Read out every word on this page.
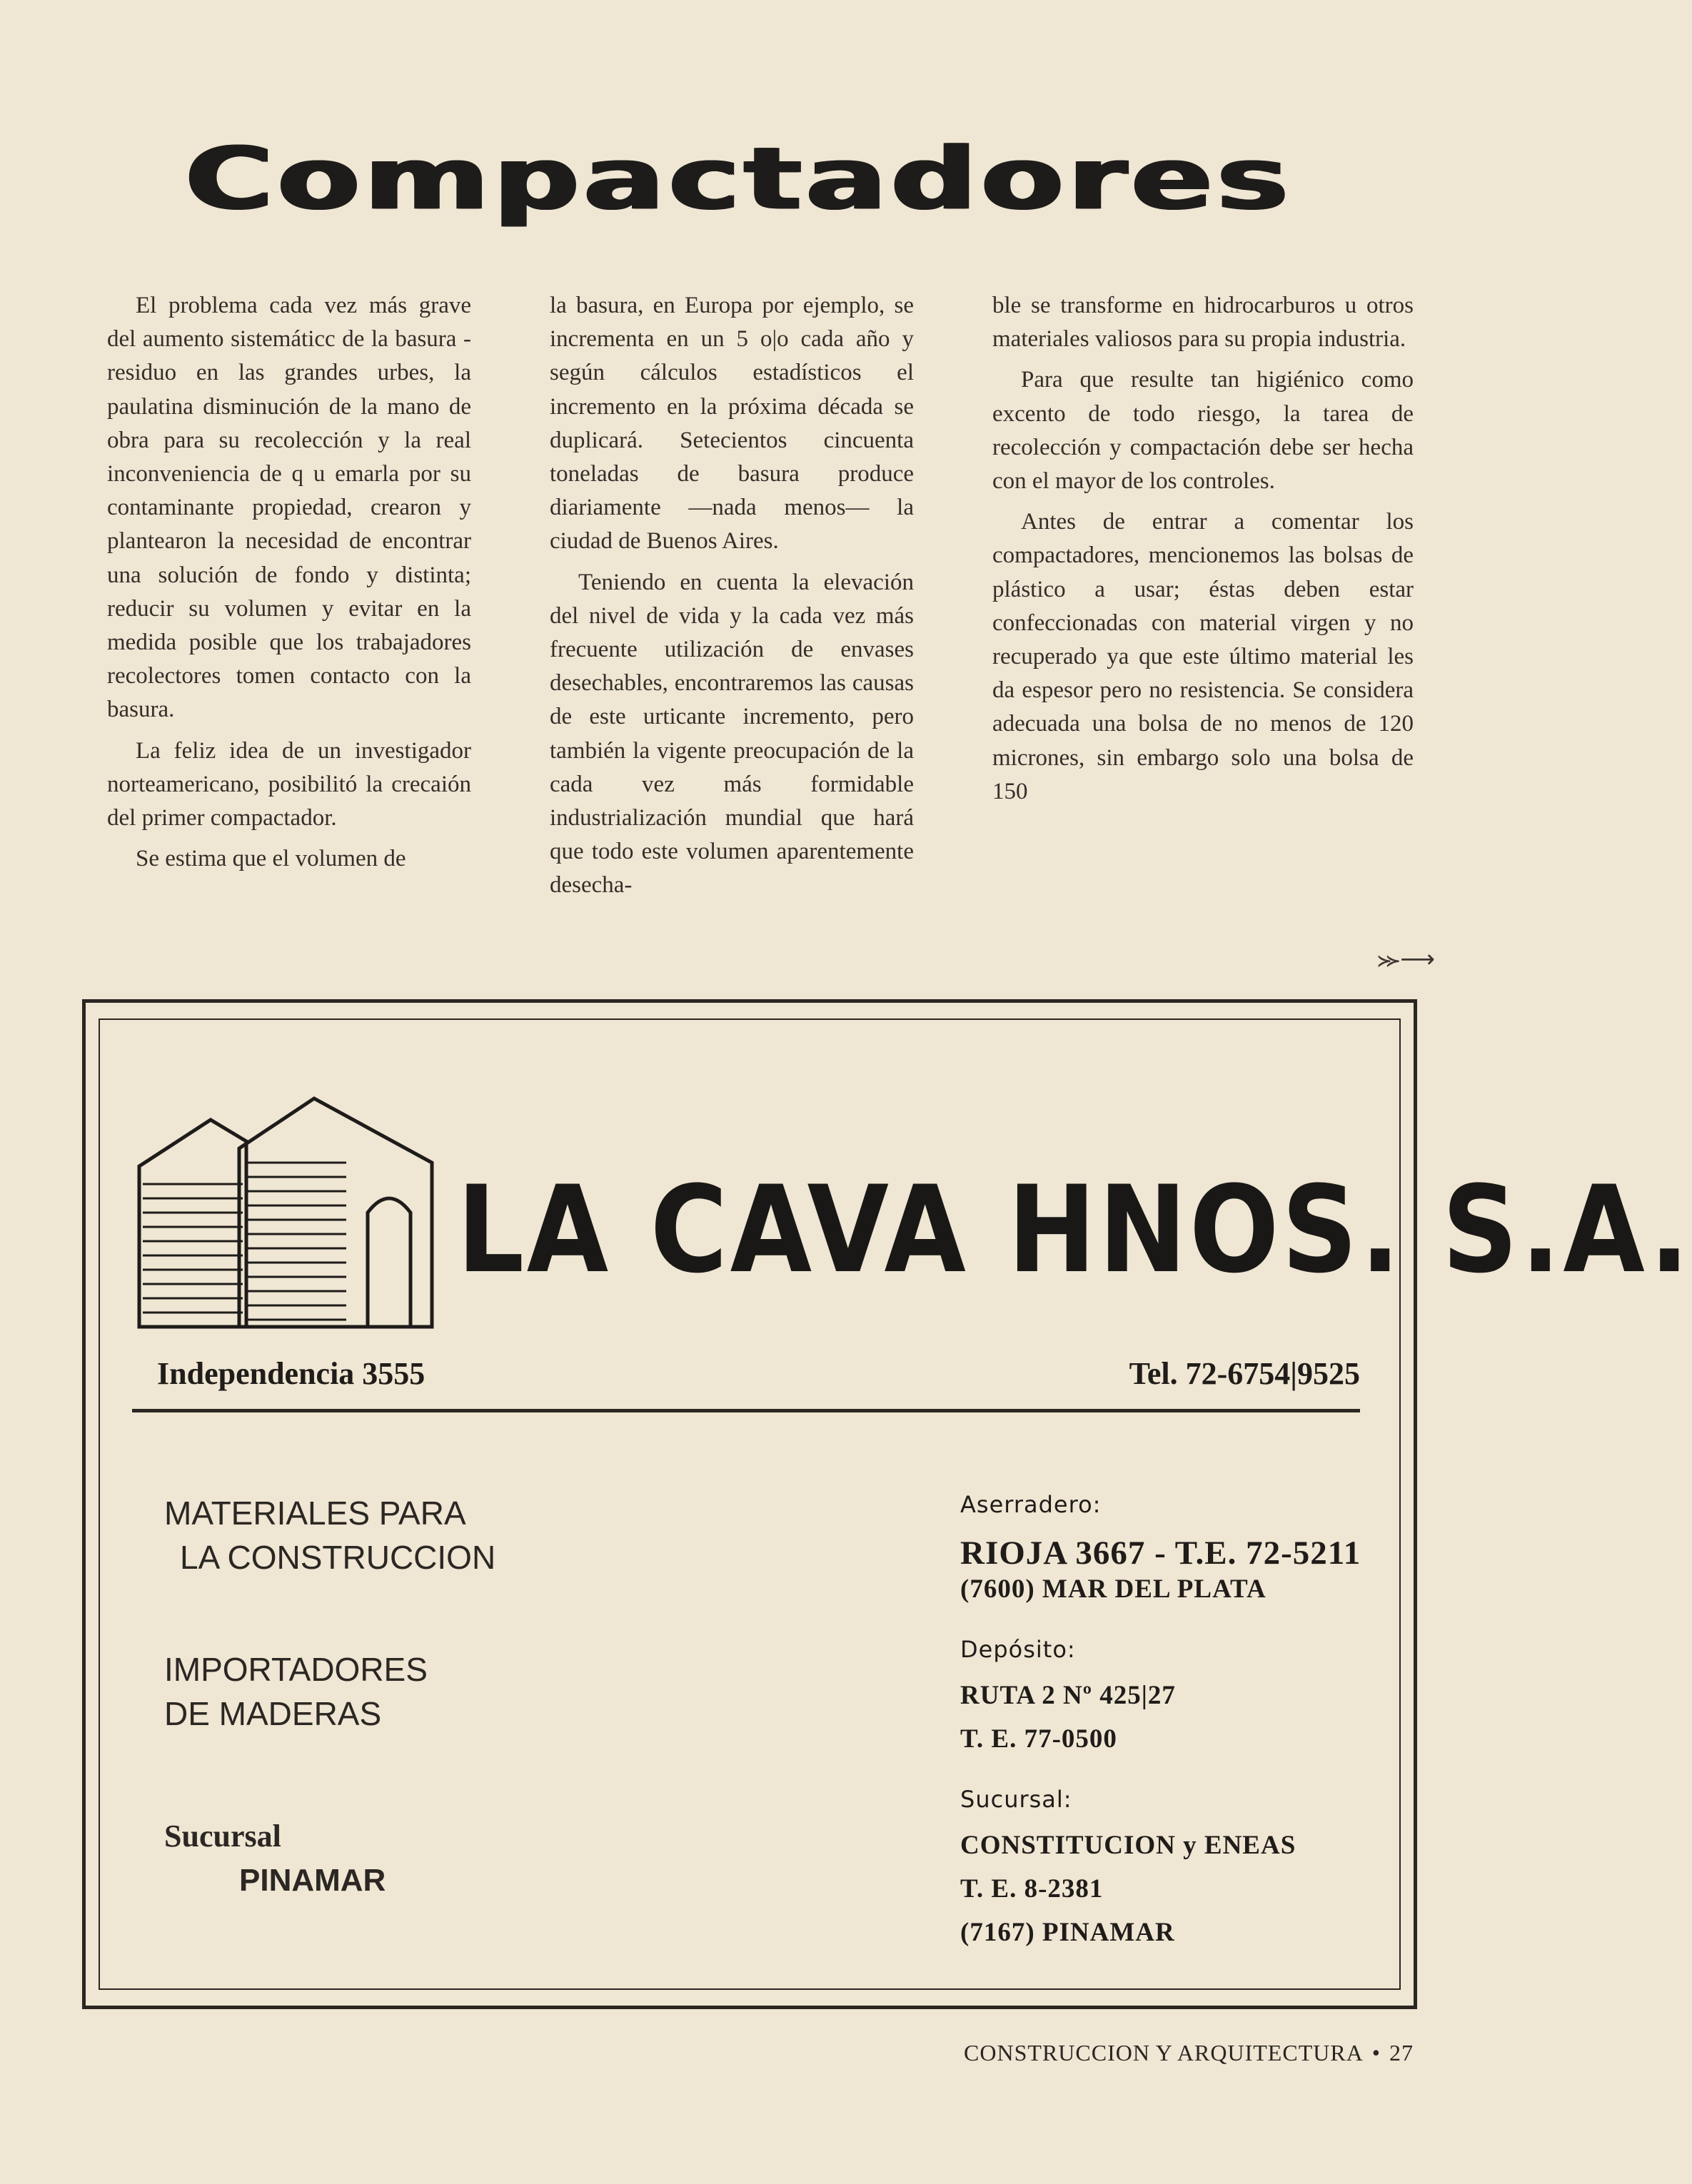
Compactadores

El problema cada vez más grave del aumento sistemáticc de la basura - residuo en las grandes urbes, la paulatina disminución de la mano de obra para su recolección y la real inconveniencia de q u emarla por su contaminante propiedad, crearon y plantearon la necesidad de encontrar una solución de fondo y distinta; reducir su volumen y evitar en la medida posible que los trabajadores recolectores tomen contacto con la basura.

La feliz idea de un investigador norteamericano, posibilitó la crecaión del primer compactador.

Se estima que el volumen de

la basura, en Europa por ejemplo, se incrementa en un 5 o|o cada año y según cálculos estadísticos el incremento en la próxima década se duplicará. Setecientos cincuenta toneladas de basura produce diariamente —nada menos— la ciudad de Buenos Aires.

Teniendo en cuenta la elevación del nivel de vida y la cada vez más frecuente utilización de envases desechables, encontraremos las causas de este urticante incremento, pero también la vigente preocupación de la cada vez más formidable industrialización mundial que hará que todo este volumen aparentemente desecha-

ble se transforme en hidrocarburos u otros materiales valiosos para su propia industria.

Para que resulte tan higiénico como excento de todo riesgo, la tarea de recolección y compactación debe ser hecha con el mayor de los controles.

Antes de entrar a comentar los compactadores, mencionemos las bolsas de plástico a usar; éstas deben estar confeccionadas con material virgen y no recuperado ya que este último material les da espesor pero no resistencia. Se considera adecuada una bolsa de no menos de 120 micrones, sin embargo solo una bolsa de 150

⪼⟶
LA CAVA HNOS. S.A.
Independencia 3555	Tel. 72-6754|9525
MATERIALES PARA
LA CONSTRUCCION
IMPORTADORES
DE MADERAS
Sucursal
PINAMAR
Aserradero:
RIOJA 3667 - T.E. 72-5211
(7600) MAR DEL PLATA
Depósito:
RUTA 2 Nº 425|27
T. E. 77-0500
Sucursal:
CONSTITUCION y ENEAS
T. E. 8-2381
(7167) PINAMAR
CONSTRUCCION Y ARQUITECTURA • 27
